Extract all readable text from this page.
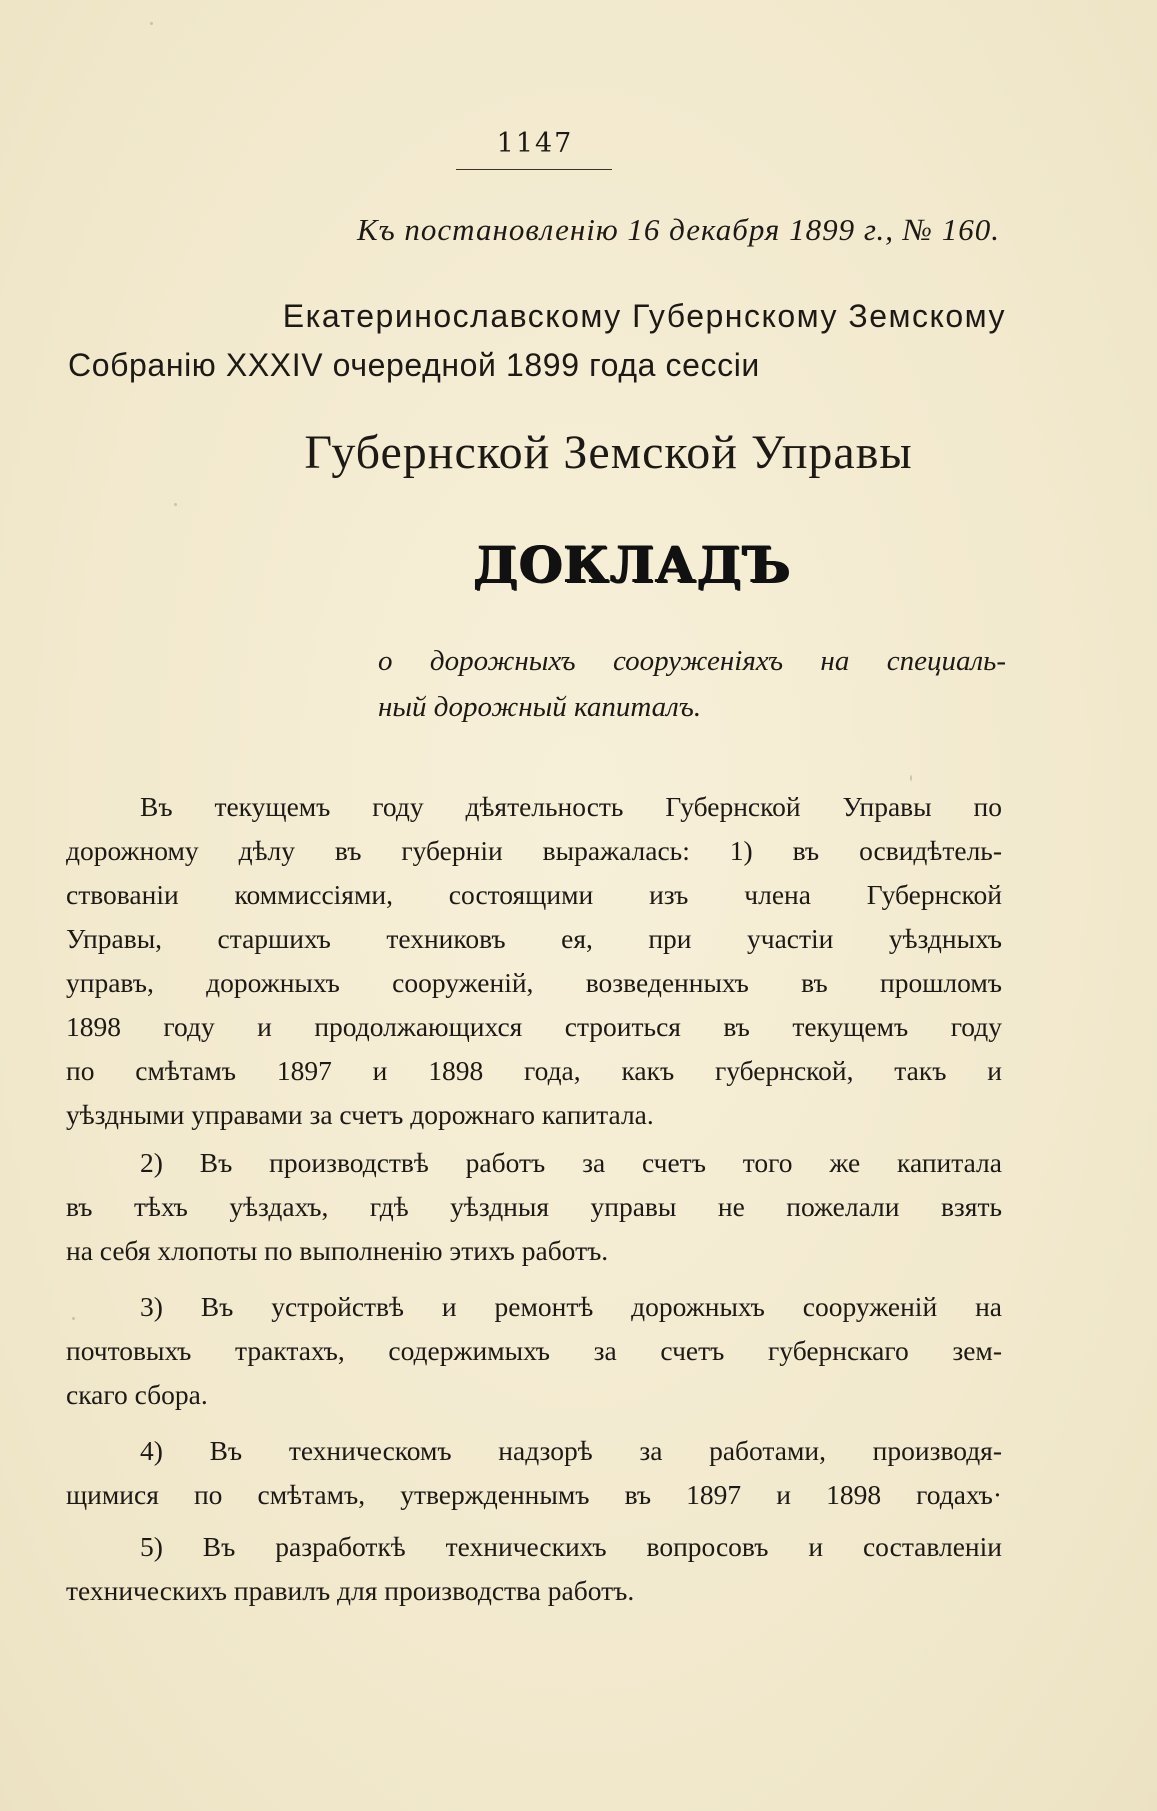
1147
Къ постановленію 16 декабря 1899 г., № 160.
Екатеринославскому Губернскому Земскому
Собранію XXXIV очередной 1899 года сессіи
Губернской Земской Управы
ДОКЛАДЪ
о дорожныхъ сооруженіяхъ на специаль-
ный дорожный капиталъ.

Въ текущемъ году дѣятельность Губернской Управы по
дорожному дѣлу въ губерніи выражалась: 1) въ освидѣтель-
ствованіи коммиссіями, состоящими изъ члена Губернской
Управы, старшихъ техниковъ ея, при участіи уѣздныхъ
управъ, дорожныхъ сооруженій, возведенныхъ въ прошломъ
1898 году и продолжающихся строиться въ текущемъ году
по смѣтамъ 1897 и 1898 года, какъ губернской, такъ и
уѣздными управами за счетъ дорожнаго капитала.

2) Въ производствѣ работъ за счетъ того же капитала
въ тѣхъ уѣздахъ, гдѣ уѣздныя управы не пожелали взять
на себя хлопоты по выполненію этихъ работъ.

3) Въ устройствѣ и ремонтѣ дорожныхъ сооруженій на
почтовыхъ трактахъ, содержимыхъ за счетъ губернскаго зем-
скаго сбора.

4) Въ техническомъ надзорѣ за работами, производя-
щимися по смѣтамъ, утвержденнымъ въ 1897 и 1898 годахъ·

5) Въ разработкѣ техническихъ вопросовъ и составленіи
техническихъ правилъ для производства работъ.
